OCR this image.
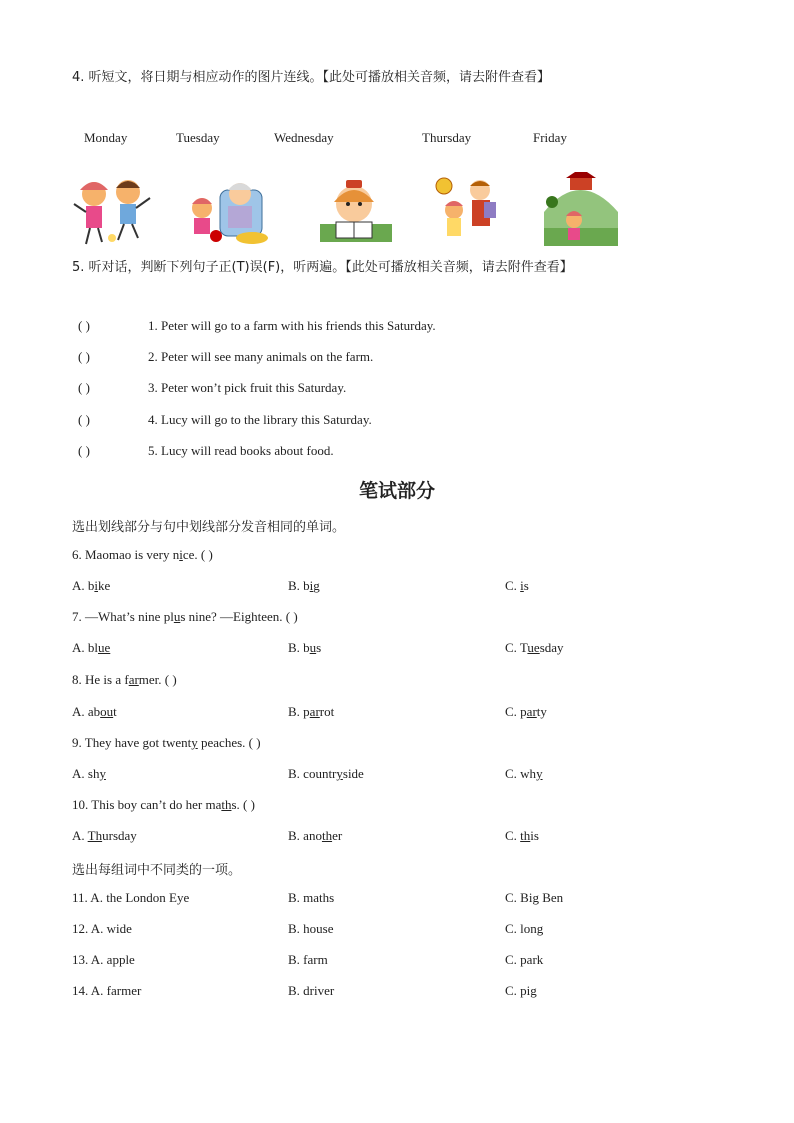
4. 听短文，将日期与相应动作的图片连线。【此处可播放相关音频，请去附件查看】
Monday	Tuesday	Wednesday	Thursday	Friday
5. 听对话，判断下列句子正(T)误(F)，听两遍。【此处可播放相关音频，请去附件查看】
( )	1. Peter will go to a farm with his friends this Saturday.
( )	2. Peter will see many animals on the farm.
( )	3. Peter won’t pick fruit this Saturday.
( )	4. Lucy will go to the library this Saturday.
( )	5. Lucy will read books about food.
笔试部分
选出划线部分与句中划线部分发音相同的单词。
6. Maomao is very nice. ( )
A. bike	B. big	C. is
7. —What’s nine plus nine? —Eighteen. ( )
A. blue	B. bus	C. Tuesday
8. He is a farmer. ( )
A. about	B. parrot	C. party
9. They have got twenty peaches. ( )
A. shy	B. countryside	C. why
10. This boy can’t do her maths. ( )
A. Thursday	B. another	C. this
选出每组词中不同类的一项。
11. A. the London Eye	B. maths	C. Big Ben
12. A. wide	B. house	C. long
13. A. apple	B. farm	C. park
14. A. farmer	B. driver	C. pig
